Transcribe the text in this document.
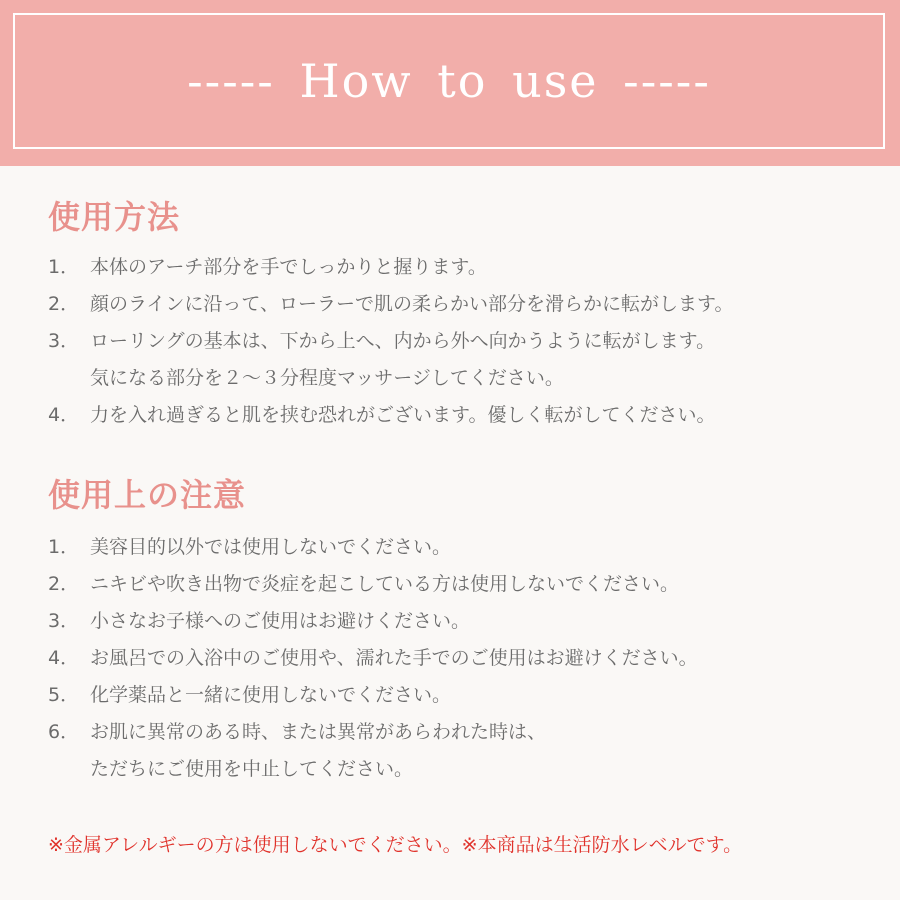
----- How to use -----
使用方法
1． 本体のアーチ部分を手でしっかりと握ります。
2． 顔のラインに沿って、ローラーで肌の柔らかい部分を滑らかに転がします。
3． ローリングの基本は、下から上へ、内から外へ向かうように転がします。
気になる部分を２〜３分程度マッサージしてください。
4． 力を入れ過ぎると肌を挟む恐れがございます。優しく転がしてください。
使用上の注意
1． 美容目的以外では使用しないでください。
2． ニキビや吹き出物で炎症を起こしている方は使用しないでください。
3． 小さなお子様へのご使用はお避けください。
4． お風呂での入浴中のご使用や、濡れた手でのご使用はお避けください。
5． 化学薬品と一緒に使用しないでください。
6． お肌に異常のある時、または異常があらわれた時は、
ただちにご使用を中止してください。

※金属アレルギーの方は使用しないでください。※本商品は生活防水レベルです。
